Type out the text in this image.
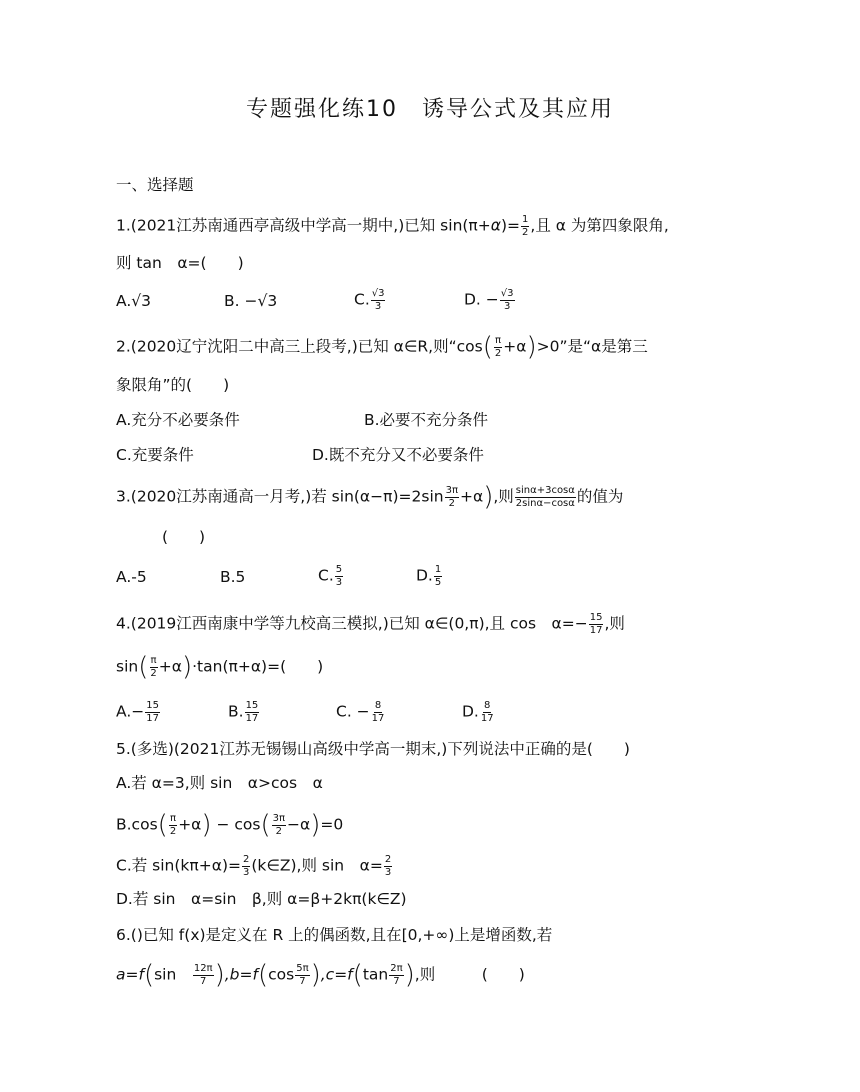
专题强化练10　诱导公式及其应用
一、选择题
1.(2021江苏南通西亭高级中学高一期中,)已知 $\sin(\pi+\alpha)= \frac{1}{2}$ ,且 α 为第四象限角,
则 tan　α=(　　)
A.√3	B. −√3	C. $\frac{√3}{3}$	D. − $\frac{√3}{3}$
2.(2020辽宁沈阳二中高三上段考,)已知 α∈R,则“$\cos( \frac{\pi}{2} +\alpha)>0$”是“α是第三
象限角”的(　　)
A.充分不必要条件	B.必要不充分条件
C.充要条件	D.既不充分又不必要条件
3.(2020江苏南通高一月考,)若 $\sin(\alpha-\pi)=2\sin \frac{3\pi}{2} +\alpha$),则 $\frac{\sin\alpha+3\cos\alpha}{2\sin\alpha-\cos\alpha}$ 的值为
(　　)
A.-5	B.5	C. $\frac{5}{3}$	D. $\frac{1}{5}$
4.(2019江西南康中学等九校高三模拟,)已知 α∈(0,π),且 cos　$\alpha=- \frac{15}{17}$ ,则
$\sin( \frac{\pi}{2} +\alpha)\cdot\tan(\pi+\alpha)=$(　　)
$A.- \frac{15}{17}$	B. $\frac{15}{17}$	C. − $\frac{8}{17}$	D. $\frac{8}{17}$
5.(多选)(2021江苏无锡锡山高级中学高一期末,)下列说法中正确的是(　　)
A.若 α=3,则 sin　α>cos　α
$B.\cos( \frac{\pi}{2} +\alpha) - \cos( \frac{3\pi}{2} -\alpha)=0$
C.若 $\sin(k\pi+\alpha)= \frac{2}{3}$ (k∈Z),则 sin　$\alpha= \frac{2}{3}$
D.若 sin　α=sin　β,则 α=β+2kπ(k∈Z)
6.()已知 f(x)是定义在 R 上的偶函数,且在[0,+∞)上是增函数,若
a=f(sin　 $\frac{12\pi}{7} ),b=f(\cos \frac{5\pi}{7} ),c=f(\tan \frac{2\pi}{7}$ ),则　　　(　　)
